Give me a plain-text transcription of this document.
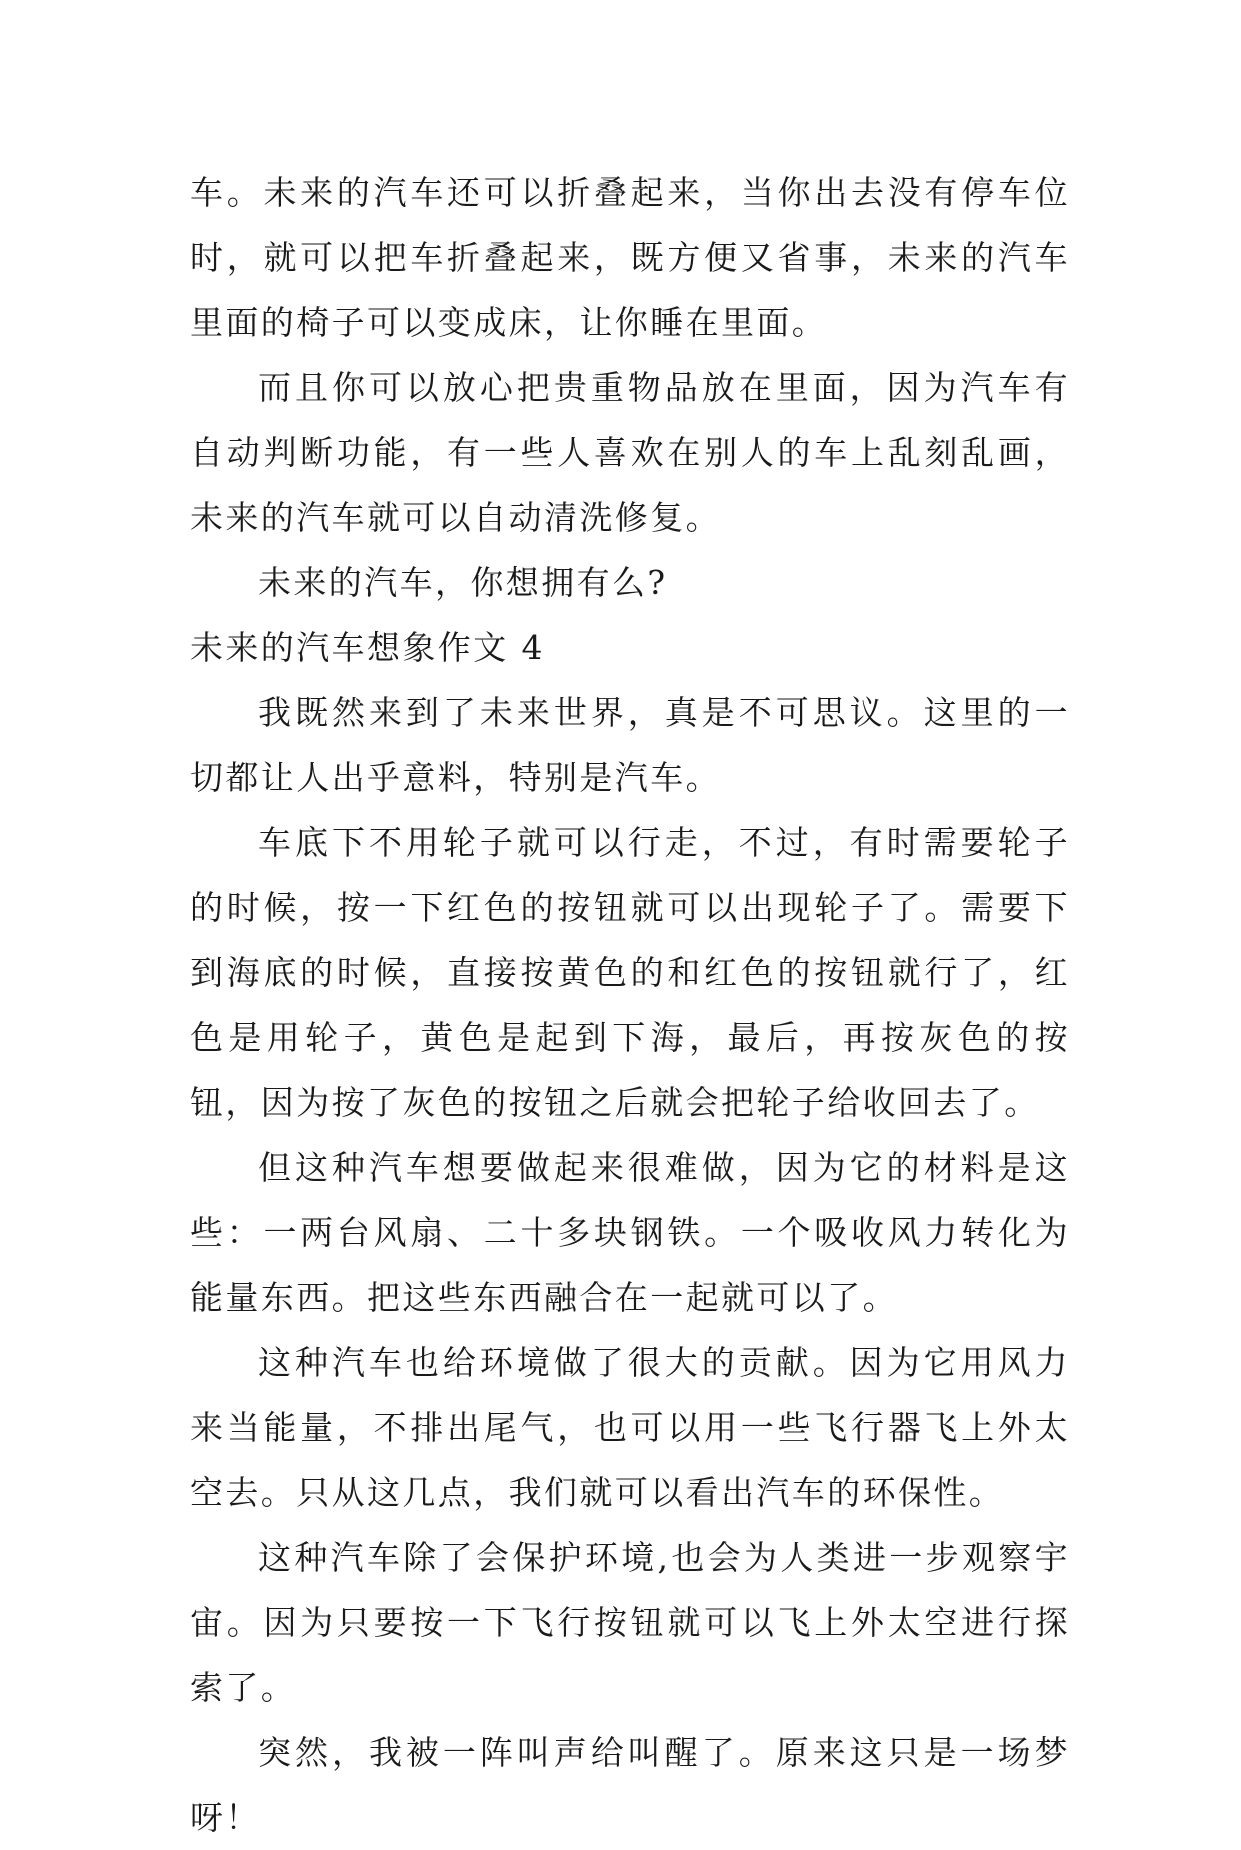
车。未来的汽车还可以折叠起来，当你出去没有停车位时，就可以把车折叠起来，既方便又省事，未来的汽车里面的椅子可以变成床，让你睡在里面。

而且你可以放心把贵重物品放在里面，因为汽车有自动判断功能，有一些人喜欢在别人的车上乱刻乱画，未来的汽车就可以自动清洗修复。

未来的汽车，你想拥有么?

未来的汽车想象作文 4

我既然来到了未来世界，真是不可思议。这里的一切都让人出乎意料，特别是汽车。

车底下不用轮子就可以行走，不过，有时需要轮子的时候，按一下红色的按钮就可以出现轮子了。需要下到海底的时候，直接按黄色的和红色的按钮就行了，红色是用轮子，黄色是起到下海，最后，再按灰色的按钮，因为按了灰色的按钮之后就会把轮子给收回去了。

但这种汽车想要做起来很难做，因为它的材料是这些：一两台风扇、二十多块钢铁。一个吸收风力转化为能量东西。把这些东西融合在一起就可以了。

这种汽车也给环境做了很大的贡献。因为它用风力来当能量，不排出尾气，也可以用一些飞行器飞上外太空去。只从这几点，我们就可以看出汽车的环保性。

这种汽车除了会保护环境,也会为人类进一步观察宇宙。因为只要按一下飞行按钮就可以飞上外太空进行探索了。

突然，我被一阵叫声给叫醒了。原来这只是一场梦呀！
